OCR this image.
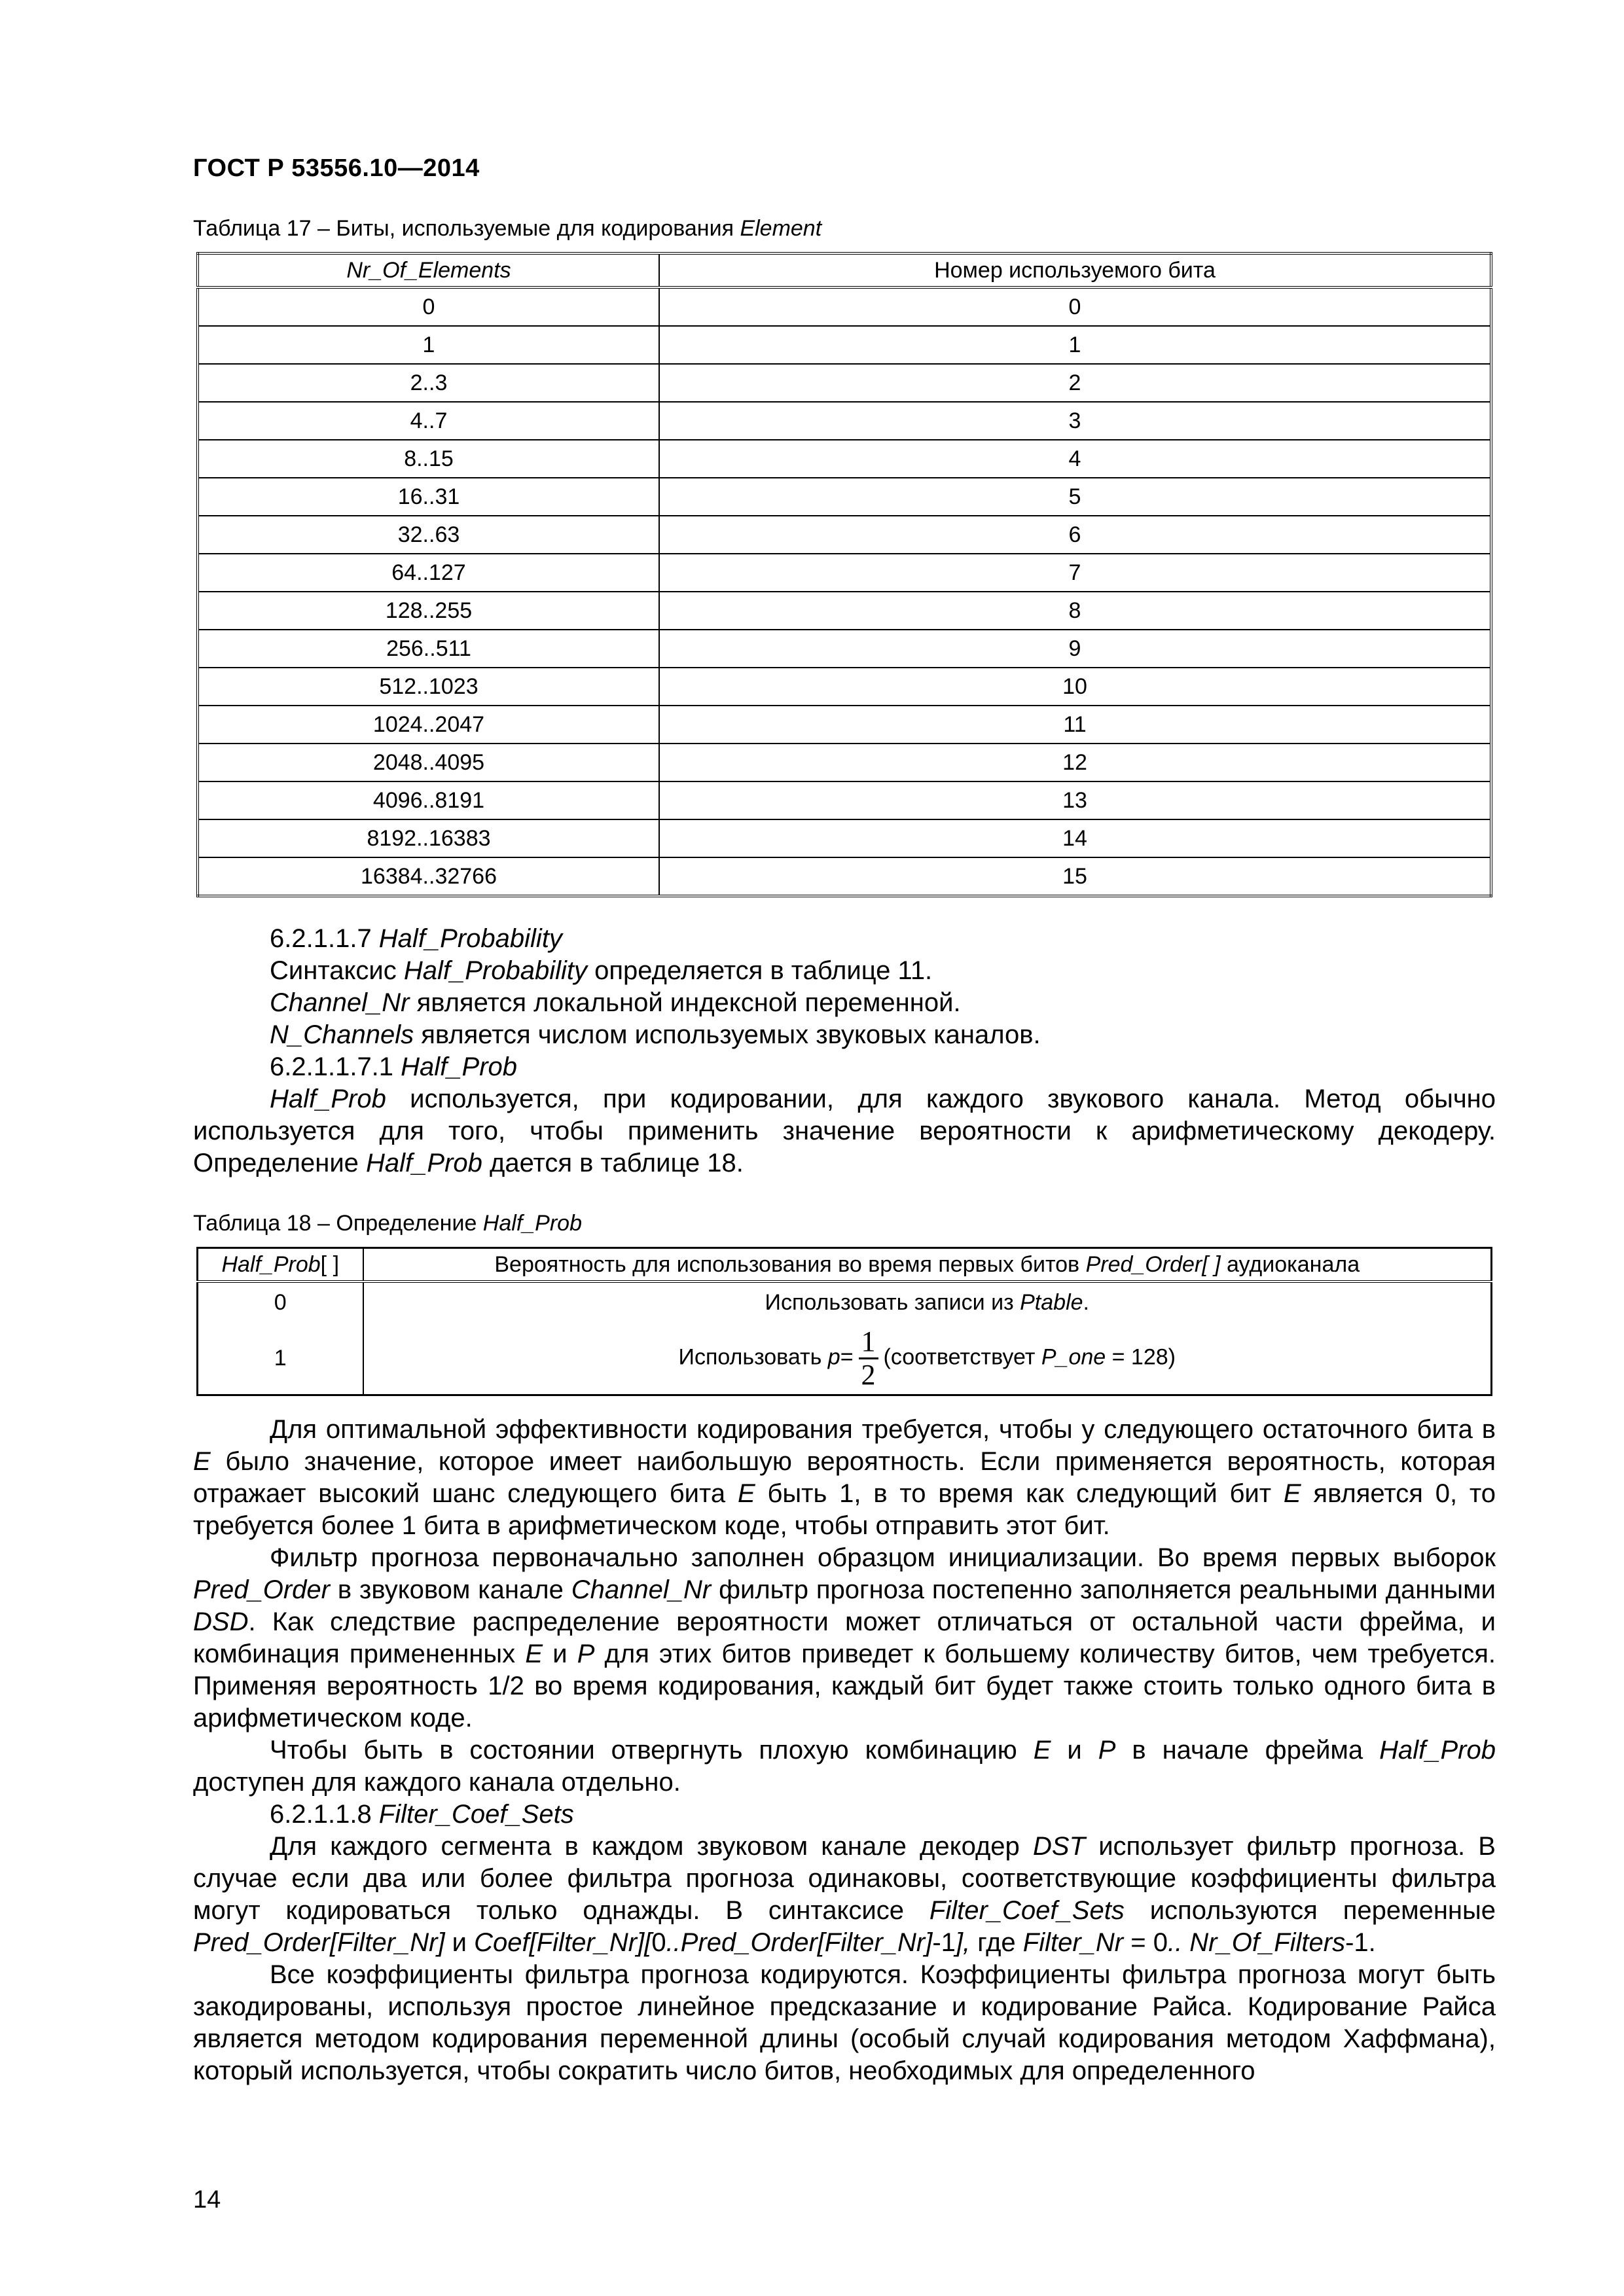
ГОСТ Р 53556.10—2014
Таблица 17 – Биты, используемые для кодирования Element
Nr_Of_Elements	Номер используемого бита
0	0
1	1
2..3	2
4..7	3
8..15	4
16..31	5
32..63	6
64..127	7
128..255	8
256..511	9
512..1023	10
1024..2047	11
2048..4095	12
4096..8191	13
8192..16383	14
16384..32766	15

6.2.1.1.7 Half_Probability

Синтаксис Half_Probability определяется в таблице 11.

Channel_Nr является локальной индексной переменной.

N_Channels является числом используемых звуковых каналов.

6.2.1.1.7.1 Half_Prob

Half_Prob используется, при кодировании, для каждого звукового канала. Метод обычно используется для того, чтобы применить значение вероятности к арифметическому декодеру. Определение Half_Prob дается в таблице 18.

Таблица 18 – Определение Half_Prob
Half_Prob[ ]	Вероятность для использования во время первых битов Pred_Order[ ] аудиоканала
0	Использовать записи из Ptable.
1	Использовать $p= \frac{1}{2}$ (соответствует P_one = 128)

Для оптимальной эффективности кодирования требуется, чтобы у следующего остаточного бита в E было значение, которое имеет наибольшую вероятность. Если применяется вероятность, которая отражает высокий шанс следующего бита E быть 1, в то время как следующий бит E является 0, то требуется более 1 бита в арифметическом коде, чтобы отправить этот бит.

Фильтр прогноза первоначально заполнен образцом инициализации. Во время первых выборок Pred_Order в звуковом канале Channel_Nr фильтр прогноза постепенно заполняется реальными данными DSD. Как следствие распределение вероятности может отличаться от остальной части фрейма, и комбинация примененных E и P для этих битов приведет к большему количеству битов, чем требуется. Применяя вероятность 1/2 во время кодирования, каждый бит будет также стоить только одного бита в арифметическом коде.

Чтобы быть в состоянии отвергнуть плохую комбинацию E и P в начале фрейма Half_Prob доступен для каждого канала отдельно.

6.2.1.1.8 Filter_Coef_Sets

Для каждого сегмента в каждом звуковом канале декодер DST использует фильтр прогноза. В случае если два или более фильтра прогноза одинаковы, соответствующие коэффициенты фильтра могут кодироваться только однажды. В синтаксисе Filter_Coef_Sets используются переменные Pred_Order[Filter_Nr] и Coef[Filter_Nr][0..Pred_Order[Filter_Nr]-1], где Filter_Nr = 0.. Nr_Of_Filters-1.

Все коэффициенты фильтра прогноза кодируются. Коэффициенты фильтра прогноза могут быть закодированы, используя простое линейное предсказание и кодирование Райса. Кодирование Райса является методом кодирования переменной длины (особый случай кодирования методом Хаффмана), который используется, чтобы сократить число битов, необходимых для определенного

14
